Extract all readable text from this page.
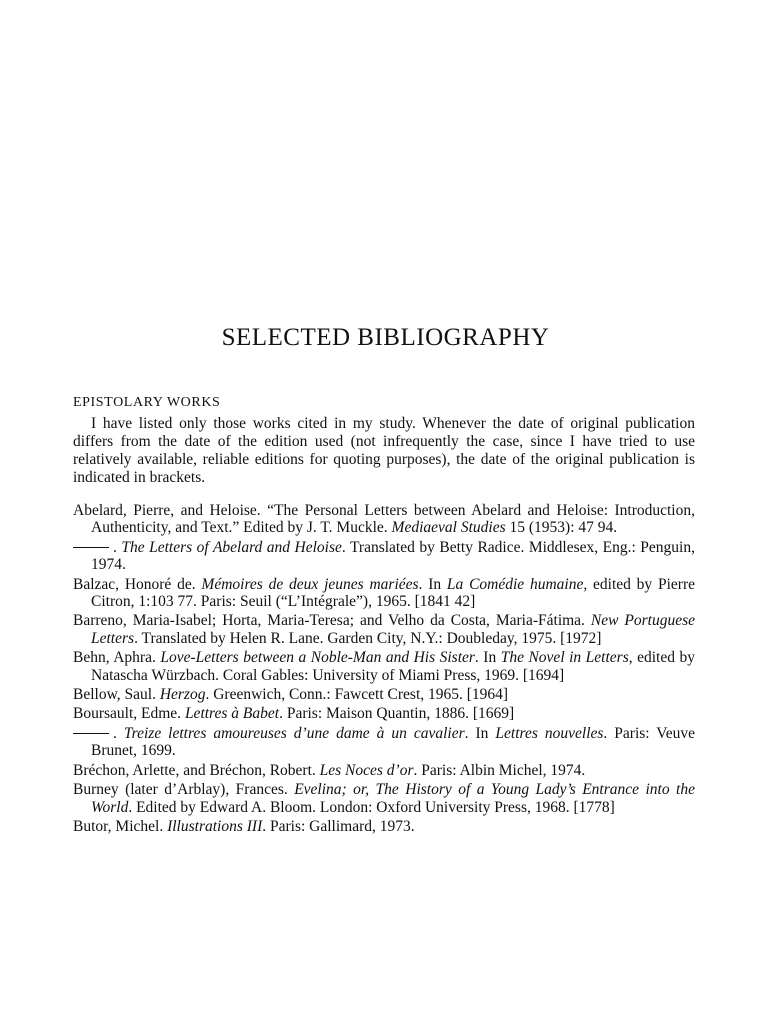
SELECTED BIBLIOGRAPHY
EPISTOLARY WORKS

I have listed only those works cited in my study. Whenever the date of original publication differs from the date of the edition used (not infrequently the case, since I have tried to use relatively available, reliable editions for quoting purposes), the date of the original publication is indicated in brackets.

Abelard, Pierre, and Heloise. “The Personal Letters between Abelard and Heloise: Introduction, Authenticity, and Text.” Edited by J. T. Muckle. Mediaeval Studies 15 (1953): 47 94.
. The Letters of Abelard and Heloise. Translated by Betty Radice. Middlesex, Eng.: Penguin, 1974.
Balzac, Honoré de. Mémoires de deux jeunes mariées. In La Comédie humaine, edited by Pierre Citron, 1:103 77. Paris: Seuil (“L’Intégrale”), 1965. [1841 42]
Barreno, Maria-Isabel; Horta, Maria-Teresa; and Velho da Costa, Maria-Fátima. New Portuguese Letters. Translated by Helen R. Lane. Garden City, N.Y.: Doubleday, 1975. [1972]
Behn, Aphra. Love-Letters between a Noble-Man and His Sister. In The Novel in Letters, edited by Natascha Würzbach. Coral Gables: University of Miami Press, 1969. [1694]
Bellow, Saul. Herzog. Greenwich, Conn.: Fawcett Crest, 1965. [1964]
Boursault, Edme. Lettres à Babet. Paris: Maison Quantin, 1886. [1669]
. Treize lettres amoureuses d’une dame à un cavalier. In Lettres nouvelles. Paris: Veuve Brunet, 1699.
Bréchon, Arlette, and Bréchon, Robert. Les Noces d’or. Paris: Albin Michel, 1974.
Burney (later d’Arblay), Frances. Evelina; or, The History of a Young Lady’s Entrance into the World. Edited by Edward A. Bloom. London: Oxford University Press, 1968. [1778]
Butor, Michel. Illustrations III. Paris: Gallimard, 1973.
